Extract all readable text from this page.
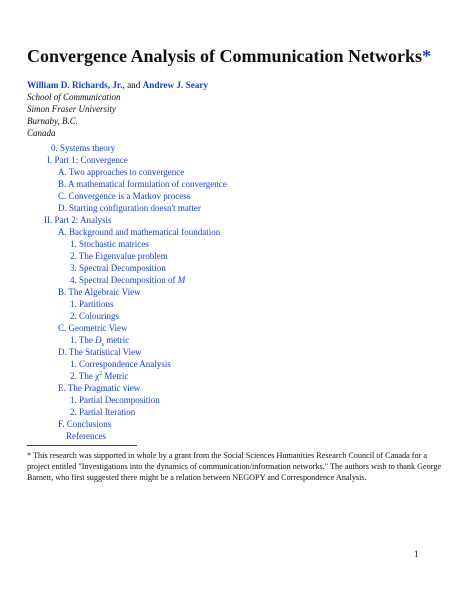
Convergence Analysis of Communication Networks*
William D. Richards, Jr., and Andrew J. Seary
School of Communication
Simon Fraser University
Burnaby, B.C.
Canada
0. Systems theory
I. Part 1: Convergence
A. Two approaches to convergence
B. A mathematical formulation of convergence
C. Convergence is a Markov process
D. Starting configuration doesn't matter
II. Part 2: Analysis
A. Background and mathematical foundation
1. Stochastic matrices
2. The Eigenvalue problem
3. Spectral Decomposition
4. Spectral Decomposition of M
B. The Algebraic View
1. Partitions
2. Colourings
C. Geometric View
1. The $D_s$ metric
D. The Statistical View
1. Correspondence Analysis
2. The $\chi^2$ Metric
E. The Pragmatic view
1. Partial Decomposition
2. Partial Iteration
F. Conclusions
References

* This research was supported in whole by a grant from the Social Sciences Humanities Research Council of Canada for a project entitled "Investigations into the dynamics of communication/information networks." The authors wish to thank George Barnett, who first suggested there might be a relation between NEGOPY and Correspondence Analysis.

1
